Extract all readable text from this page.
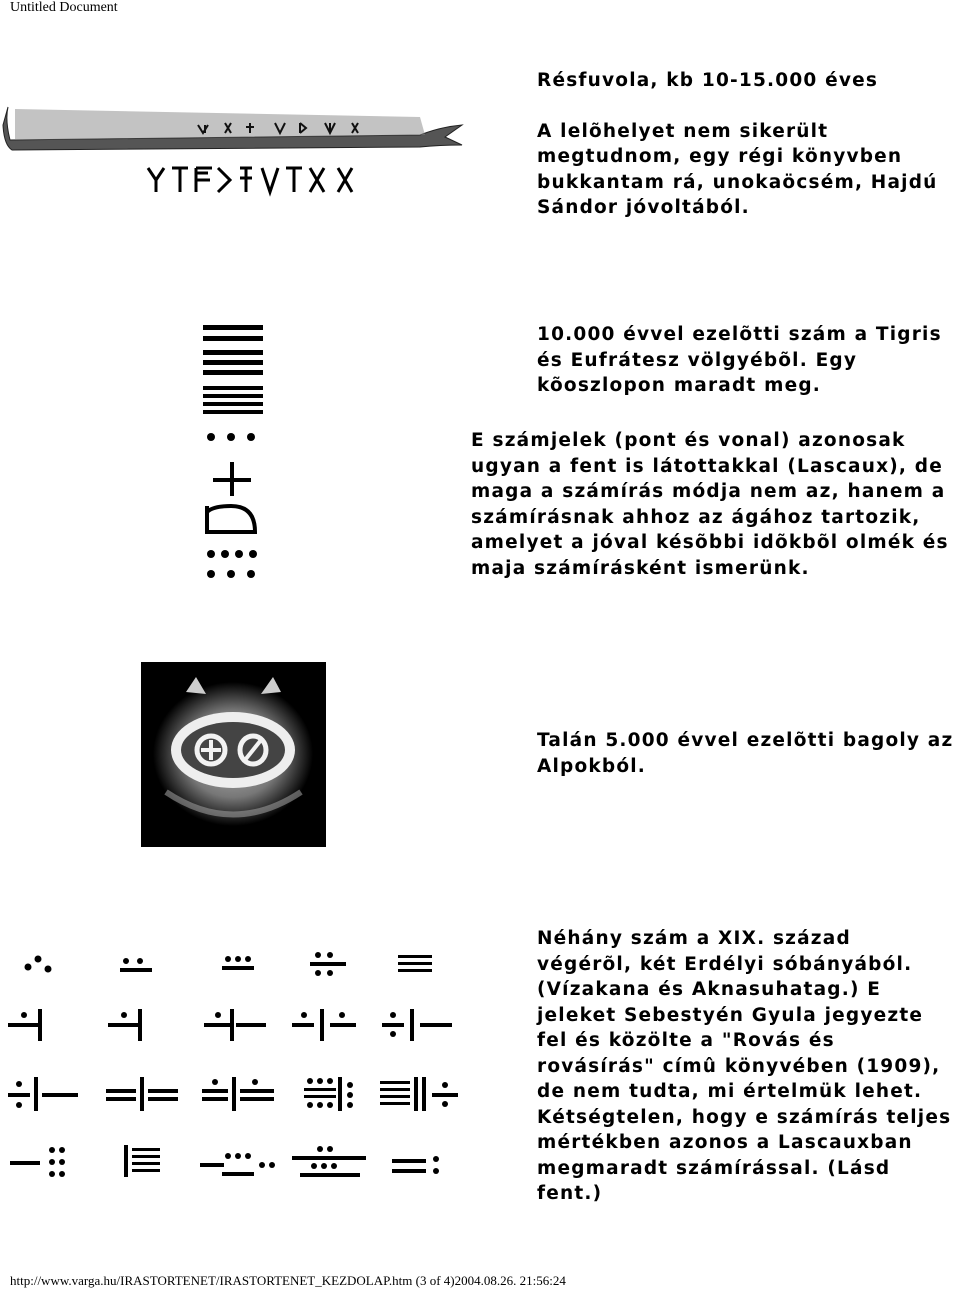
Untitled Document
Résfuvola, kb 10-15.000 éves
A lelõhelyet nem sikerült
megtudnom, egy régi könyvben
bukkantam rá, unokaöcsém, Hajdú
Sándor jóvoltából.
10.000 évvel ezelõtti szám a Tigris
és Eufrátesz völgyébõl. Egy
kõoszlopon maradt meg.
E számjelek (pont és vonal) azonosak
ugyan a fent is látottakkal (Lascaux), de
maga a számírás módja nem az, hanem a
számírásnak ahhoz az ágához tartozik,
amelyet a jóval késõbbi idõkbõl olmék és
maja számírásként ismerünk.
Talán 5.000 évvel ezelõtti bagoly az
Alpokból.
Néhány szám a XIX. század
végérõl, két Erdélyi sóbányából.
(Vízakana és Aknasuhatag.) E
jeleket Sebestyén Gyula jegyezte
fel és közölte a "Rovás és
rovásírás" címû könyvében (1909),
de nem tudta, mi értelmük lehet.
Kétségtelen, hogy e számírás teljes
mértékben azonos a Lascauxban
megmaradt számírással. (Lásd
fent.)
http://www.varga.hu/IRASTORTENET/IRASTORTENET_KEZDOLAP.htm (3 of 4)2004.08.26. 21:56:24
